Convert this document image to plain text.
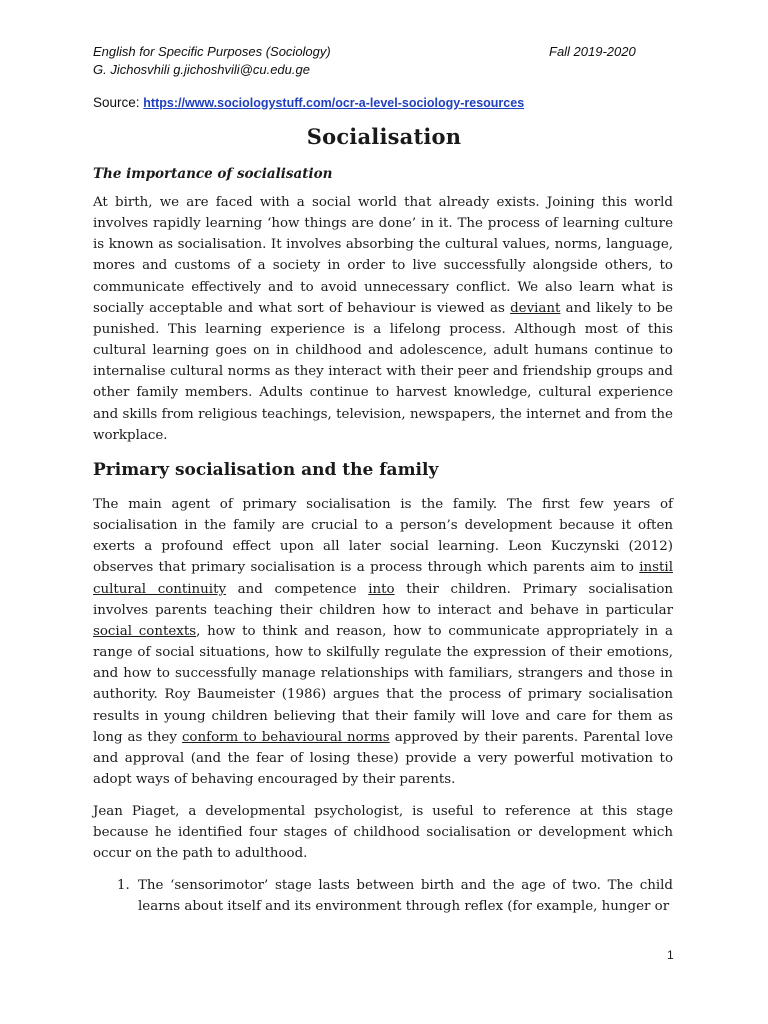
English for Specific Purposes (Sociology)
G. Jichosvhili g.jichoshvili@cu.edu.ge
Fall 2019-2020
Source: https://www.sociologystuff.com/ocr-a-level-sociology-resources
Socialisation
The importance of socialisation

At birth, we are faced with a social world that already exists. Joining this world involves rapidly learning ‘how things are done’ in it. The process of learning culture is known as socialisation. It involves absorbing the cultural values, norms, language, mores and customs of a society in order to live successfully alongside others, to communicate effectively and to avoid unnecessary conflict. We also learn what is socially acceptable and what sort of behaviour is viewed as deviant and likely to be punished. This learning experience is a lifelong process. Although most of this cultural learning goes on in childhood and adolescence, adult humans continue to internalise cultural norms as they interact with their peer and friendship groups and other family members. Adults continue to harvest knowledge, cultural experience and skills from religious teachings, television, newspapers, the internet and from the workplace.

Primary socialisation and the family

The main agent of primary socialisation is the family. The first few years of socialisation in the family are crucial to a person’s development because it often exerts a profound effect upon all later social learning. Leon Kuczynski (2012) observes that primary socialisation is a process through which parents aim to instil cultural continuity and competence into their children. Primary socialisation involves parents teaching their children how to interact and behave in particular social contexts, how to think and reason, how to communicate appropriately in a range of social situations, how to skilfully regulate the expression of their emotions, and how to successfully manage relationships with familiars, strangers and those in authority. Roy Baumeister (1986) argues that the process of primary socialisation results in young children believing that their family will love and care for them as long as they conform to behavioural norms approved by their parents. Parental love and approval (and the fear of losing these) provide a very powerful motivation to adopt ways of behaving encouraged by their parents.

Jean Piaget, a developmental psychologist, is useful to reference at this stage because he identified four stages of childhood socialisation or development which occur on the path to adulthood.

1. The ‘sensorimotor’ stage lasts between birth and the age of two. The child learns about itself and its environment through reflex (for example, hunger or
1
